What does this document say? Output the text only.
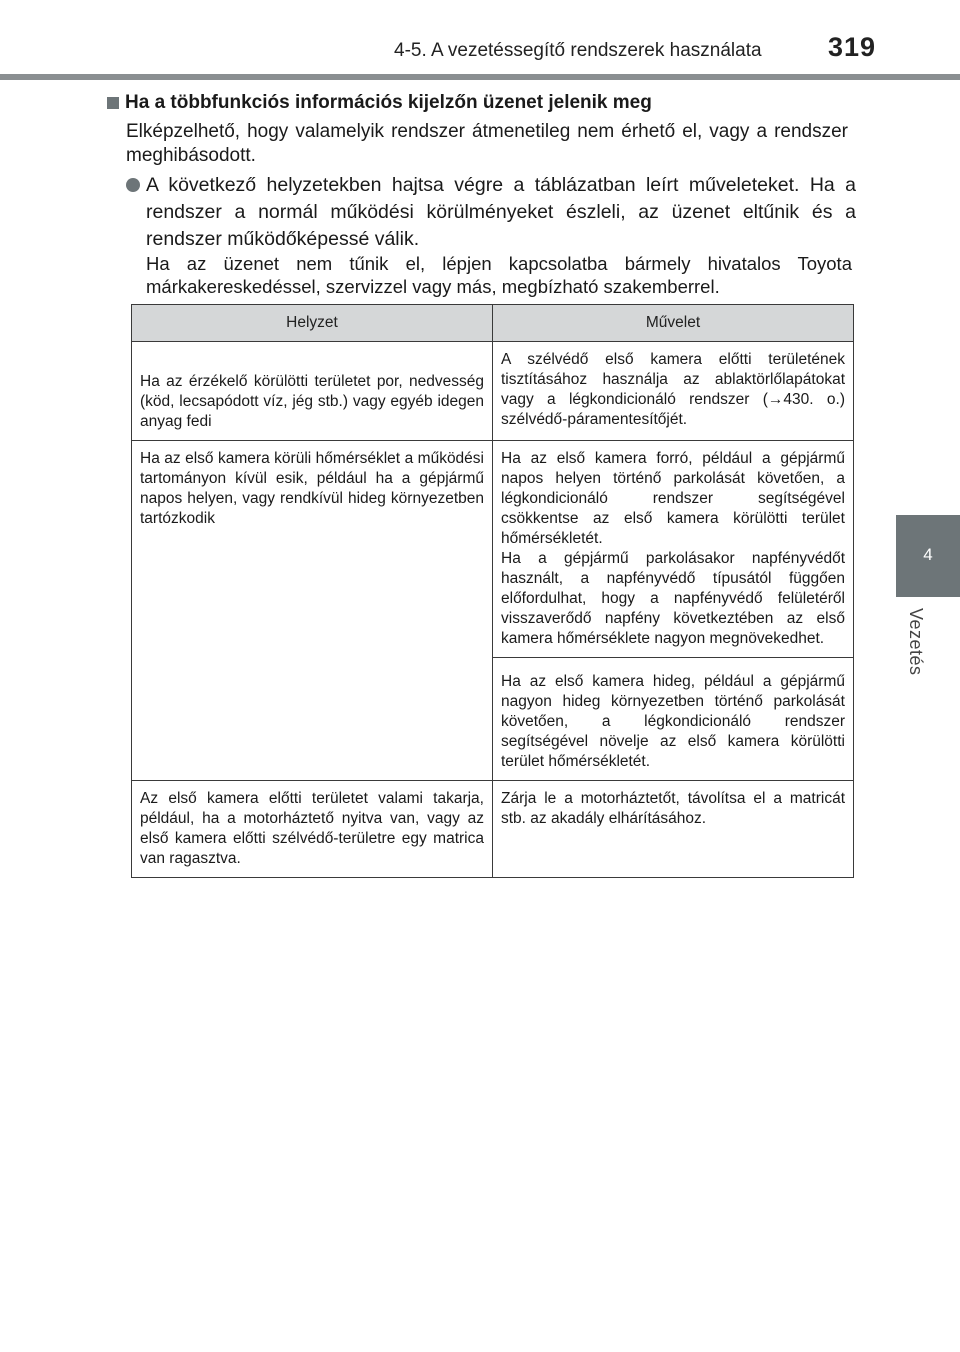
4-5. A vezetéssegítő rendszerek használata 319
4
Vezetés
Ha a többfunkciós információs kijelzőn üzenet jelenik meg
Elképzelhető, hogy valamelyik rendszer átmenetileg nem érhető el, vagy a rendszer meghibásodott.
A következő helyzetekben hajtsa végre a táblázatban leírt műveleteket. Ha a rendszer a normál működési körülményeket észleli, az üzenet eltűnik és a rendszer működőképessé válik.
Ha az üzenet nem tűnik el, lépjen kapcsolatba bármely hivatalos Toyota márkakereskedéssel, szervizzel vagy más, megbízható szakemberrel.
Helyzet	Művelet
Ha az érzékelő körülötti területet por, nedvesség (köd, lecsapódott víz, jég stb.) vagy egyéb idegen anyag fedi	A szélvédő első kamera előtti területének tisztításához használja az ablaktörlőlapátokat vagy a légkondicionáló rendszer (→430. o.) szélvédő-páramentesítőjét.
Ha az első kamera körüli hőmérséklet a működési tartományon kívül esik, például ha a gépjármű napos helyen, vagy rendkívül hideg környezetben tartózkodik	Ha az első kamera forró, például a gépjármű napos helyen történő parkolását követően, a légkondicionáló rendszer segítségével csökkentse az első kamera körülötti terület hőmérsékletét.
Ha a gépjármű parkolásakor napfényvédőt használt, a napfényvédő típusától függően előfordulhat, hogy a napfényvédő felületéről visszaverődő napfény következtében az első kamera hőmérséklete nagyon megnövekedhet.
	Ha az első kamera hideg, például a gépjármű nagyon hideg környezetben történő parkolását követően, a légkondicionáló rendszer segítségével növelje az első kamera körülötti terület hőmérsékletét.
Az első kamera előtti területet valami takarja, például, ha a motorháztető nyitva van, vagy az első kamera előtti szélvédő-területre egy matrica van ragasztva.	Zárja le a motorháztetőt, távolítsa el a matricát stb. az akadály elhárításához.
